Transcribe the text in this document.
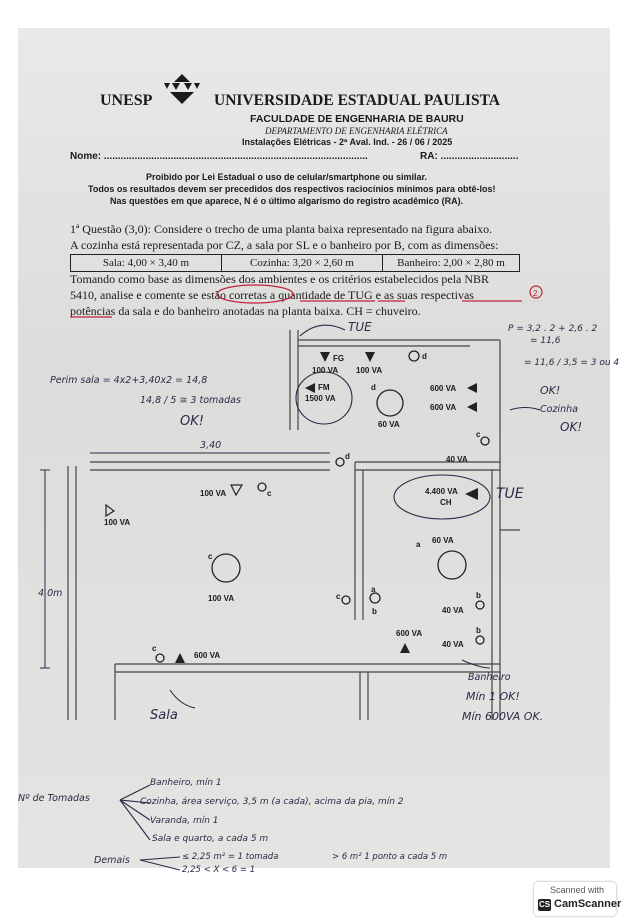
UNESP	UNIVERSIDADE ESTADUAL PAULISTA
FACULDADE DE ENGENHARIA DE BAURU
DEPARTAMENTO DE ENGENHARIA ELÉTRICA
Instalações Elétricas - 2ª Aval. Ind. - 26 / 06 / 2025
Nome: ...............................................................................................	RA: ............................
Proibido por Lei Estadual o uso de celular/smartphone ou similar.
Todos os resultados devem ser precedidos dos respectivos raciocínios mínimos para obtê-los!
Nas questões em que aparece, N é o último algarismo do registro acadêmico (RA).
1ª Questão (3,0): Considere o trecho de uma planta baixa representado na figura abaixo.
A cozinha está representada por CZ, a sala por SL e o banheiro por B, com as dimensões:
Sala: 4,00 × 3,40 m	Cozinha: 3,20 × 2,60 m	Banheiro: 2,00 × 2,80 m
Tomando como base as dimensões dos ambientes e os critérios estabelecidos pela NBR
5410, analise e comente se estão corretas a quantidade de TUG e as suas respectivas
potências da sala e do banheiro anotadas na planta baixa. CH = chuveiro.
2
FG
100 VA 100 VA
FM
1500 VA
d
60 VA
600 VA
600 VA
c
40 VA
d
d
100 VA	c	4.400 VA
CH
100 VA
a 60 VA
c
100 VA	c
a
b
b
40 VA
600 VA	b
40 VA
c
600 VA
TUE
TUE
Perim sala = 4x2+3,40x2 = 14,8
14,8 / 5 ≅ 3 tomadas
OK!
3,40
4.0m
P = 3,2 . 2 + 2,6 . 2
= 11,6
= 11,6 / 3,5 = 3 ou 4
OK!
Cozinha
OK!
Sala
Banheiro
Mín 1 OK!
Mín 600VA OK.
Nº de Tomadas
Banheiro, mín 1
Cozinha, área serviço, 3,5 m (a cada), acima da pia, mín 2
Varanda, mín 1
Sala e quarto, a cada 5 m
Demais	≤ 2,25 m² = 1 tomada
2,25 < X < 6 = 1
> 6 m² 1 ponto a cada 5 m
Scanned with
CS CamScanner
